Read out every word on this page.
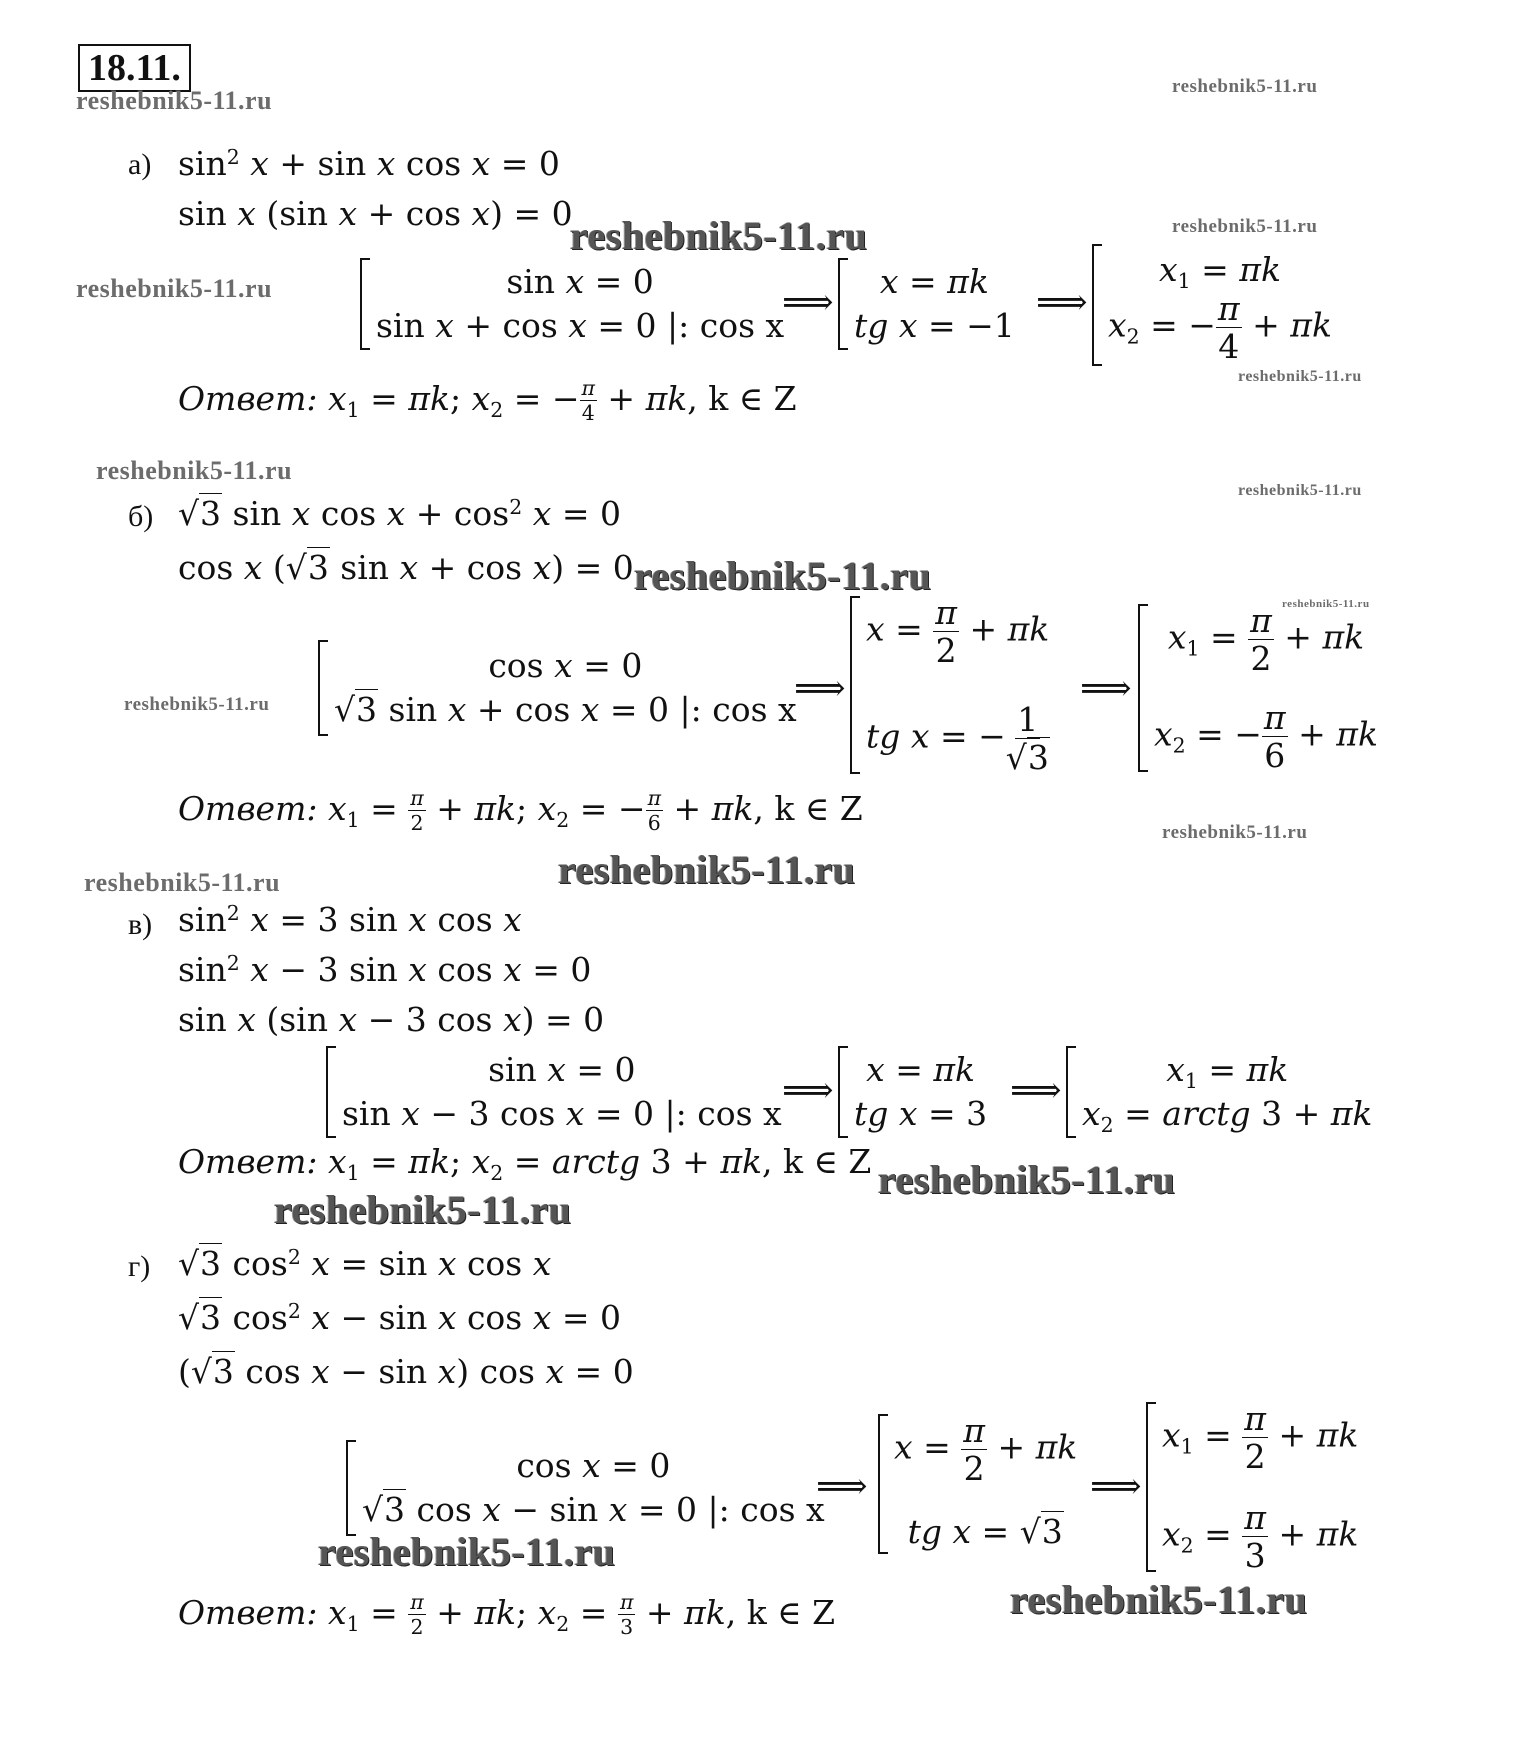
18.11.
reshebnik5-11.ru	reshebnik5-11.ru
reshebnik5-11.ru	reshebnik5-11.ru
reshebnik5-11.ru
reshebnik5-11.ru
reshebnik5-11.ru
reshebnik5-11.ru
reshebnik5-11.ru
reshebnik5-11.ru
reshebnik5-11.ru
reshebnik5-11.ru
reshebnik5-11.ru
reshebnik5-11.ru
reshebnik5-11.ru
reshebnik5-11.ru
reshebnik5-11.ru
reshebnik5-11.ru
а) $\sin^2 x + \sin x$ cos x = 0
sin x (sin x + cos x) = 0
sin x = 0
sin x + cos x = 0 |: cos x
⟹
x = πk
tg x = −1
⟹
$x_1 = \pi k$
$x_2$ = − $\frac{\pi}{4} + \pi k$
Ответ: $x_1 = \pi k$; $x_2$ = − $\frac{\pi}{4} + \pi k$, k ∈ Z
б) √3 sin x $\cos x + \cos^2 x = 0$
cos x (√3 sin x + cos x) = 0
cos x = 0
√3 sin x + cos x = 0 |: cos x
⟹
$x = \frac{\pi}{2} + \pi k$
tg x = − $\frac{1}{√3}$
⟹
$x_1 = \frac{\pi}{2} + \pi k$
$x_2$ = − $\frac{\pi}{6} + \pi k$
Ответ: $x_1 = \frac{\pi}{2} + \pi k$; $x_2$ = − $\frac{\pi}{6} + \pi k$, k ∈ Z
в) $\sin^2 x = 3$ sin x cos x
$\sin^2 x - 3$ sin x cos x = 0
sin x (sin x − 3 cos x) = 0
sin x = 0
sin x − 3 cos x = 0 |: cos x
⟹
x = πk
tg x = 3
⟹
$x_1 = \pi k$
$x_2$ = arctg 3 + πk
Ответ: $x_1 = \pi k$; $x_2$ = arctg 3 + πk, k ∈ Z
г) √3 $\cos^2 x = \sin x$ cos x
√3 $\cos^2 x - \sin x$ cos x = 0
(√3 cos x − sin x) cos x = 0
cos x = 0
√3 cos x − sin x = 0 |: cos x
⟹
$x = \frac{\pi}{2} + \pi k$
tg x = √3
⟹
$x_1 = \frac{\pi}{2} + \pi k$
$x_2 = \frac{\pi}{3} + \pi k$
Ответ: $x_1 = \frac{\pi}{2} + \pi k$; $x_2 = \frac{\pi}{3} + \pi k$, k ∈ Z
